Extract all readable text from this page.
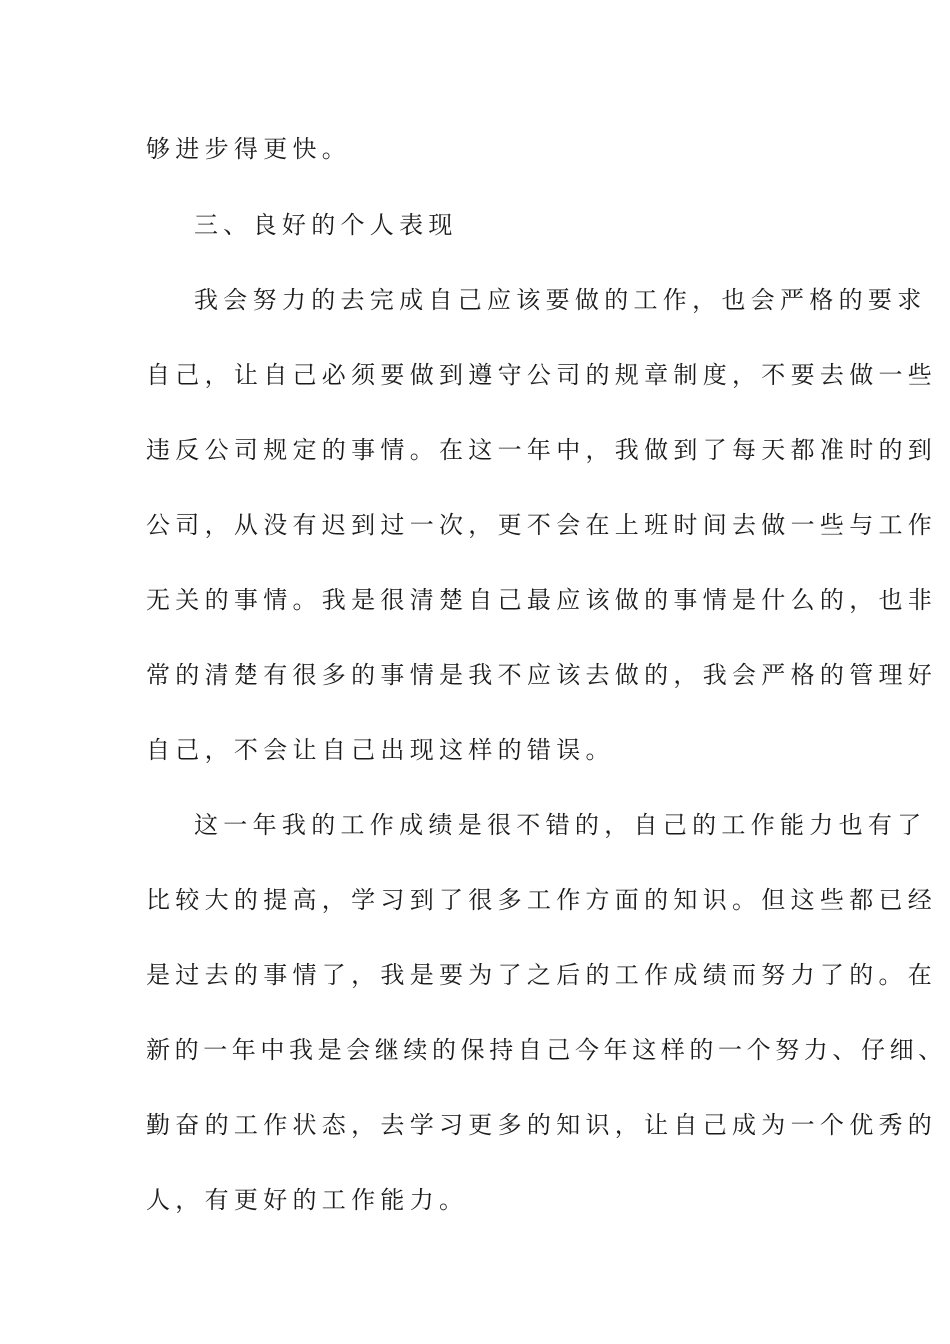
够进步得更快。
三、良好的个人表现
我会努力的去完成自己应该要做的工作，也会严格的要求
自己，让自己必须要做到遵守公司的规章制度，不要去做一些
违反公司规定的事情。在这一年中，我做到了每天都准时的到
公司，从没有迟到过一次，更不会在上班时间去做一些与工作
无关的事情。我是很清楚自己最应该做的事情是什么的，也非
常的清楚有很多的事情是我不应该去做的，我会严格的管理好
自己，不会让自己出现这样的错误。
这一年我的工作成绩是很不错的，自己的工作能力也有了
比较大的提高，学习到了很多工作方面的知识。但这些都已经
是过去的事情了，我是要为了之后的工作成绩而努力了的。在
新的一年中我是会继续的保持自己今年这样的一个努力、仔细、
勤奋的工作状态，去学习更多的知识，让自己成为一个优秀的
人，有更好的工作能力。
